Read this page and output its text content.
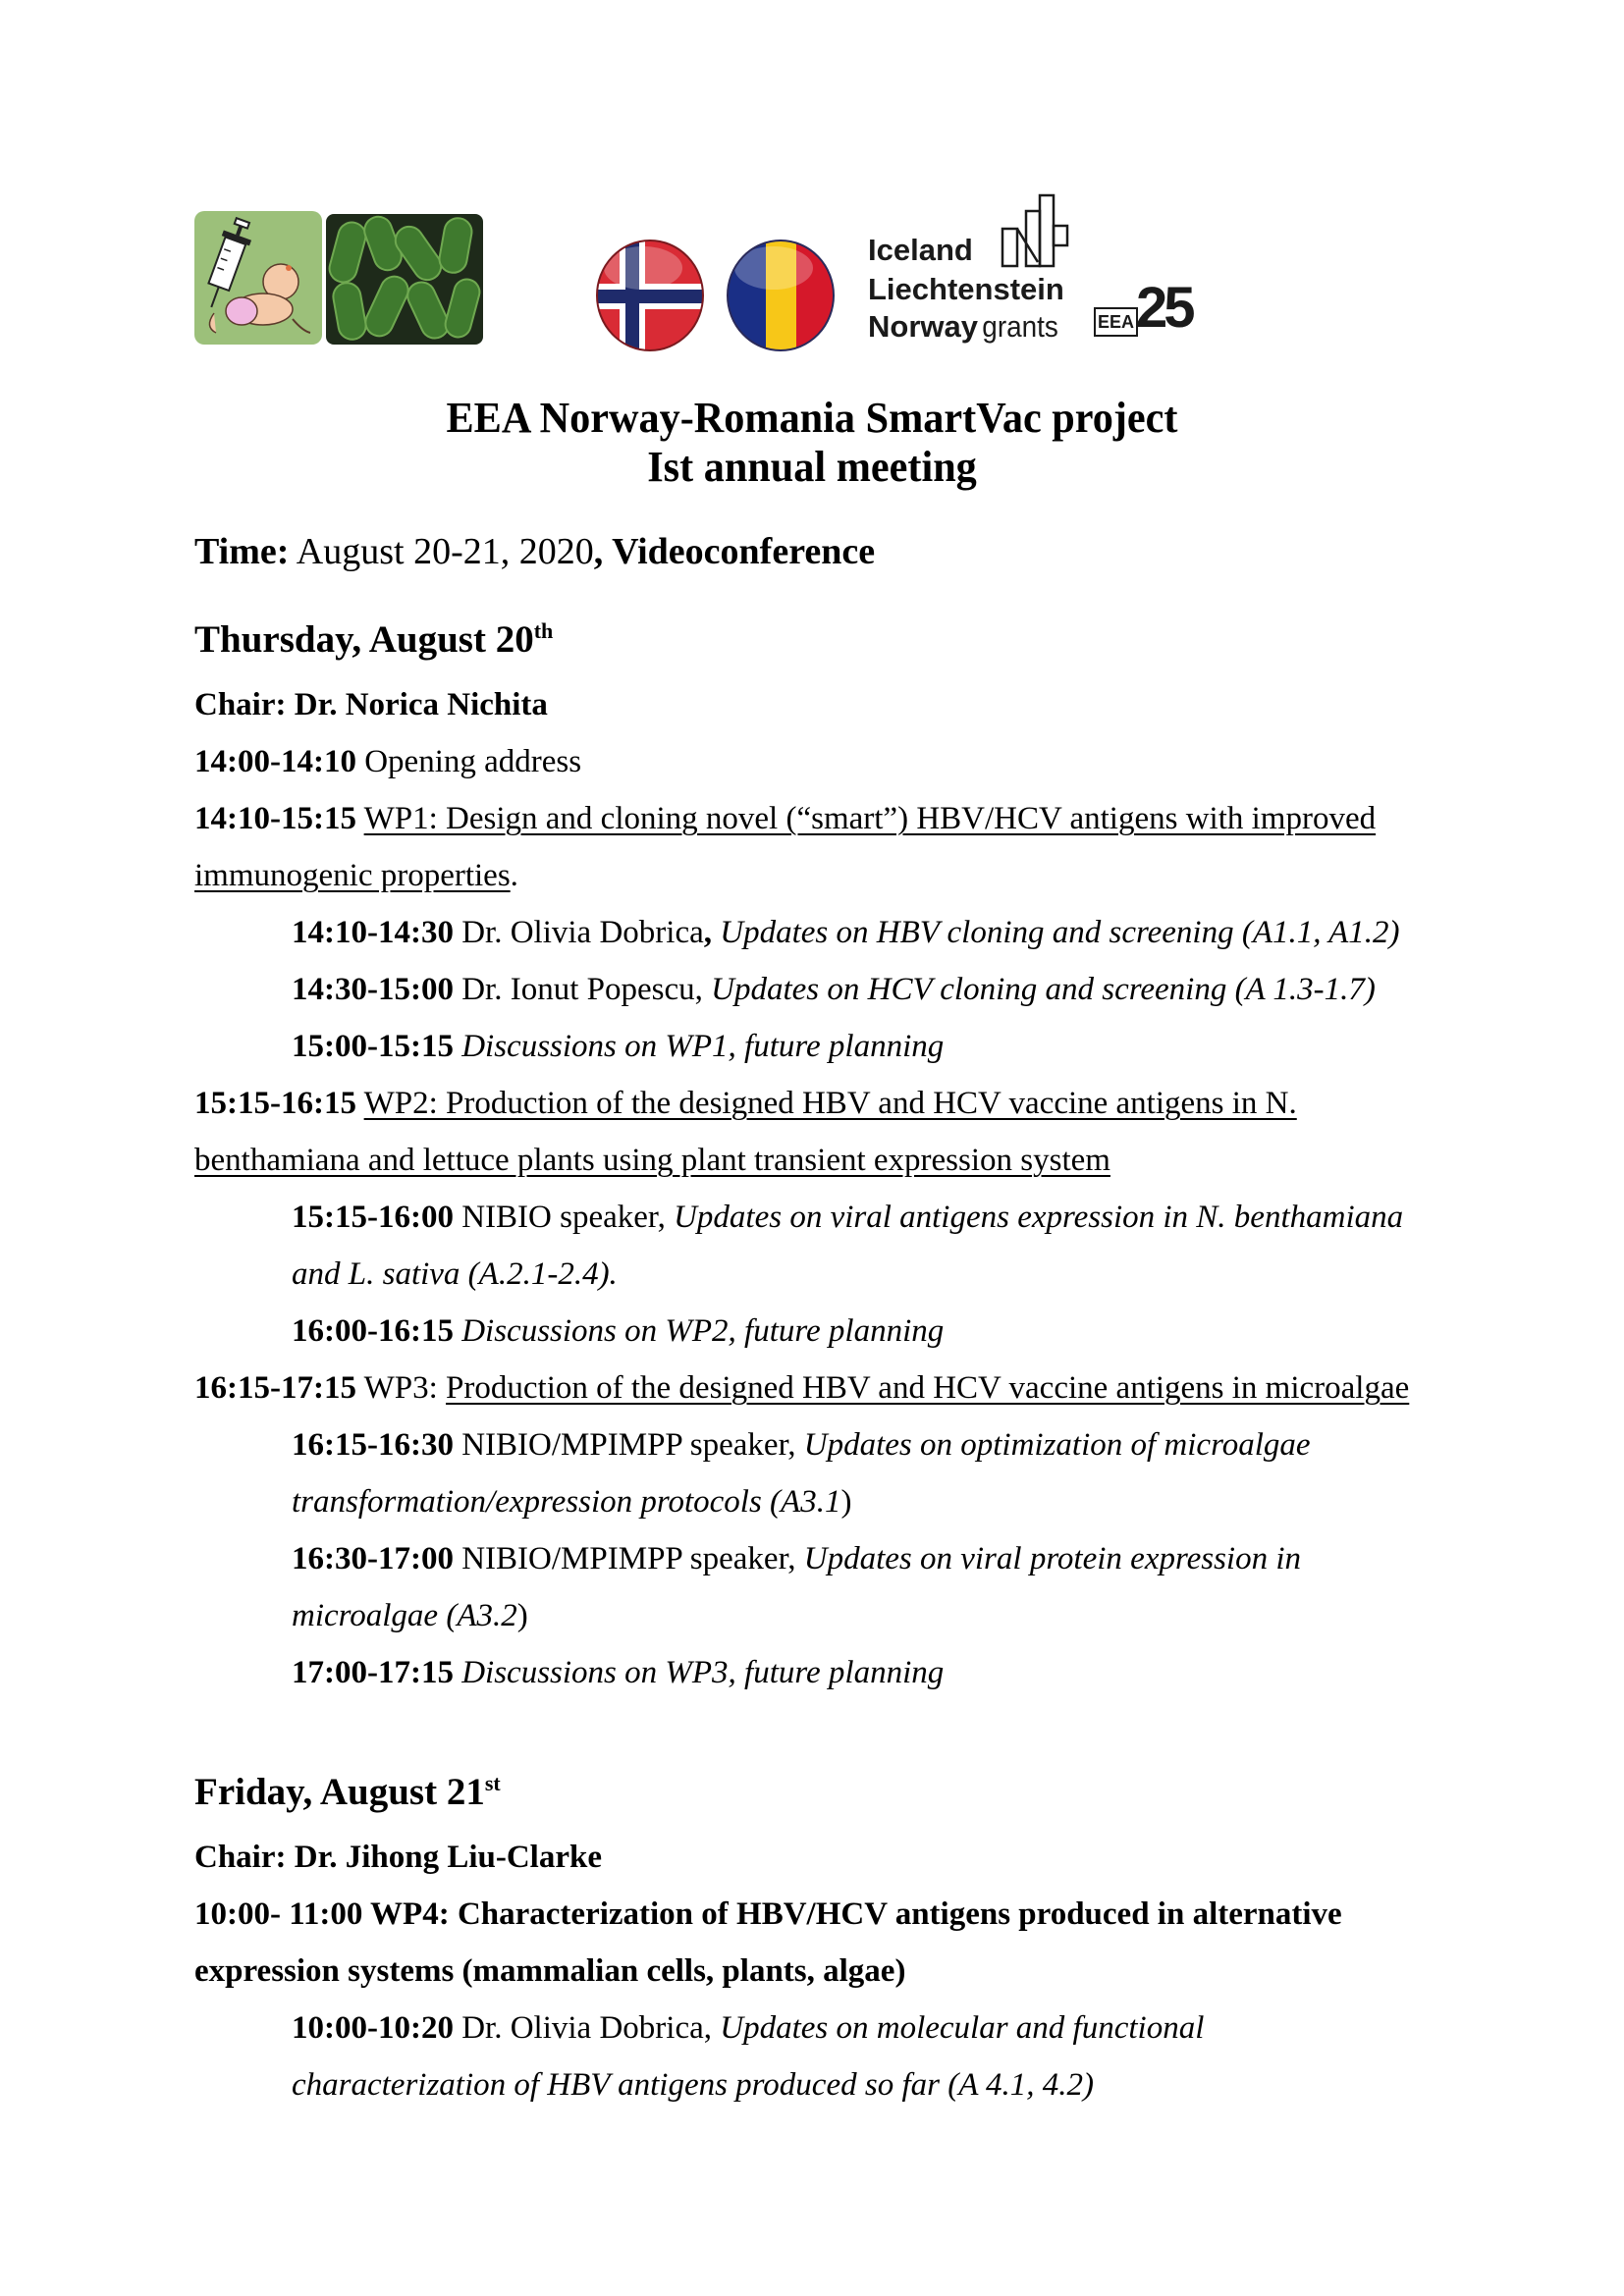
Iceland
Liechtenstein
Norway grants EEA 25
EEA Norway-Romania SmartVac project
Ist annual meeting
Time: August 20-21, 2020, Videoconference
Thursday, August 20th
Chair: Dr. Norica Nichita
14:00-14:10 Opening address
14:10-15:15 WP1: Design and cloning novel (“smart”) HBV/HCV antigens with improved
immunogenic properties.
14:10-14:30 Dr. Olivia Dobrica, Updates on HBV cloning and screening (A1.1, A1.2)
14:30-15:00 Dr. Ionut Popescu, Updates on HCV cloning and screening (A 1.3-1.7)
15:00-15:15 Discussions on WP1, future planning
15:15-16:15 WP2: Production of the designed HBV and HCV vaccine antigens in N.
benthamiana and lettuce plants using plant transient expression system
15:15-16:00 NIBIO speaker, Updates on viral antigens expression in N. benthamiana
and L. sativa (A.2.1-2.4).
16:00-16:15 Discussions on WP2, future planning
16:15-17:15 WP3: Production of the designed HBV and HCV vaccine antigens in microalgae
16:15-16:30 NIBIO/MPIMPP speaker, Updates on optimization of microalgae
transformation/expression protocols (A3.1)
16:30-17:00 NIBIO/MPIMPP speaker, Updates on viral protein expression in
microalgae (A3.2)
17:00-17:15 Discussions on WP3, future planning
Friday, August 21st
Chair: Dr. Jihong Liu-Clarke
10:00- 11:00 WP4: Characterization of HBV/HCV antigens produced in alternative
expression systems (mammalian cells, plants, algae)
10:00-10:20 Dr. Olivia Dobrica, Updates on molecular and functional
characterization of HBV antigens produced so far (A 4.1, 4.2)
